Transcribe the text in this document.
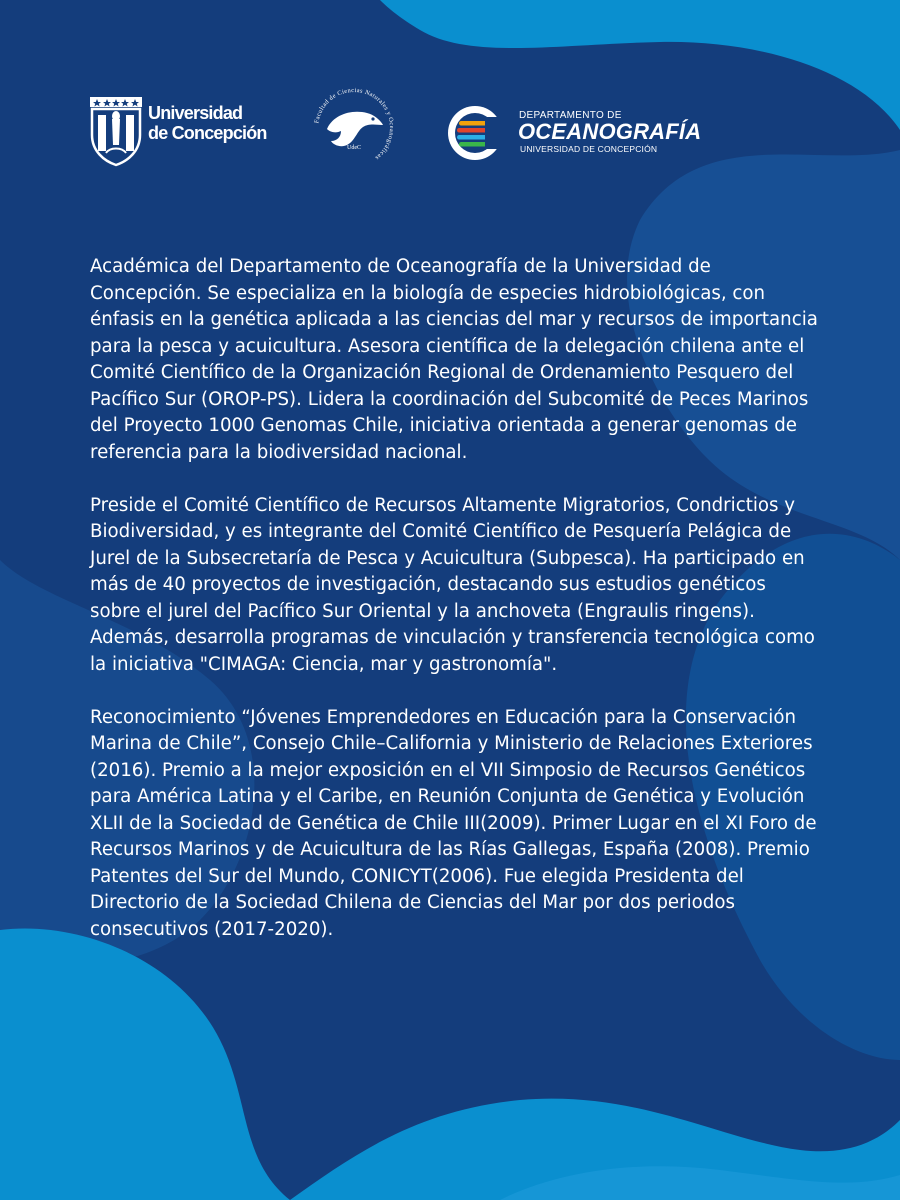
Universidad
de Concepción
Facultad de Ciencias Naturales y Oceanográficas
UdeC
DEPARTAMENTO DE
OCEANOGRAFÍA
UNIVERSIDAD DE CONCEPCIÓN

Académica del Departamento de Oceanografía de la Universidad de Concepción. Se especializa en la biología de especies hidrobiológicas, con énfasis en la genética aplicada a las ciencias del mar y recursos de importancia para la pesca y acuicultura. Asesora científica de la delegación chilena ante el Comité Científico de la Organización Regional de Ordenamiento Pesquero del Pacífico Sur (OROP-PS). Lidera la coordinación del Subcomité de Peces Marinos del Proyecto 1000 Genomas Chile, iniciativa orientada a generar genomas de referencia para la biodiversidad nacional.

Preside el Comité Científico de Recursos Altamente Migratorios, Condrictios y Biodiversidad, y es integrante del Comité Científico de Pesquería Pelágica de Jurel de la Subsecretaría de Pesca y Acuicultura (Subpesca). Ha participado en más de 40 proyectos de investigación, destacando sus estudios genéticos sobre el jurel del Pacífico Sur Oriental y la anchoveta (Engraulis ringens). Además, desarrolla programas de vinculación y transferencia tecnológica como la iniciativa "CIMAGA: Ciencia, mar y gastronomía".

Reconocimiento “Jóvenes Emprendedores en Educación para la Conservación Marina de Chile”, Consejo Chile–California y Ministerio de Relaciones Exteriores (2016). Premio a la mejor exposición en el VII Simposio de Recursos Genéticos para América Latina y el Caribe, en Reunión Conjunta de Genética y Evolución XLII de la Sociedad de Genética de Chile III(2009). Primer Lugar en el XI Foro de Recursos Marinos y de Acuicultura de las Rías Gallegas, España (2008). Premio Patentes del Sur del Mundo, CONICYT(2006). Fue elegida Presidenta del Directorio de la Sociedad Chilena de Ciencias del Mar por dos periodos consecutivos (2017-2020).
